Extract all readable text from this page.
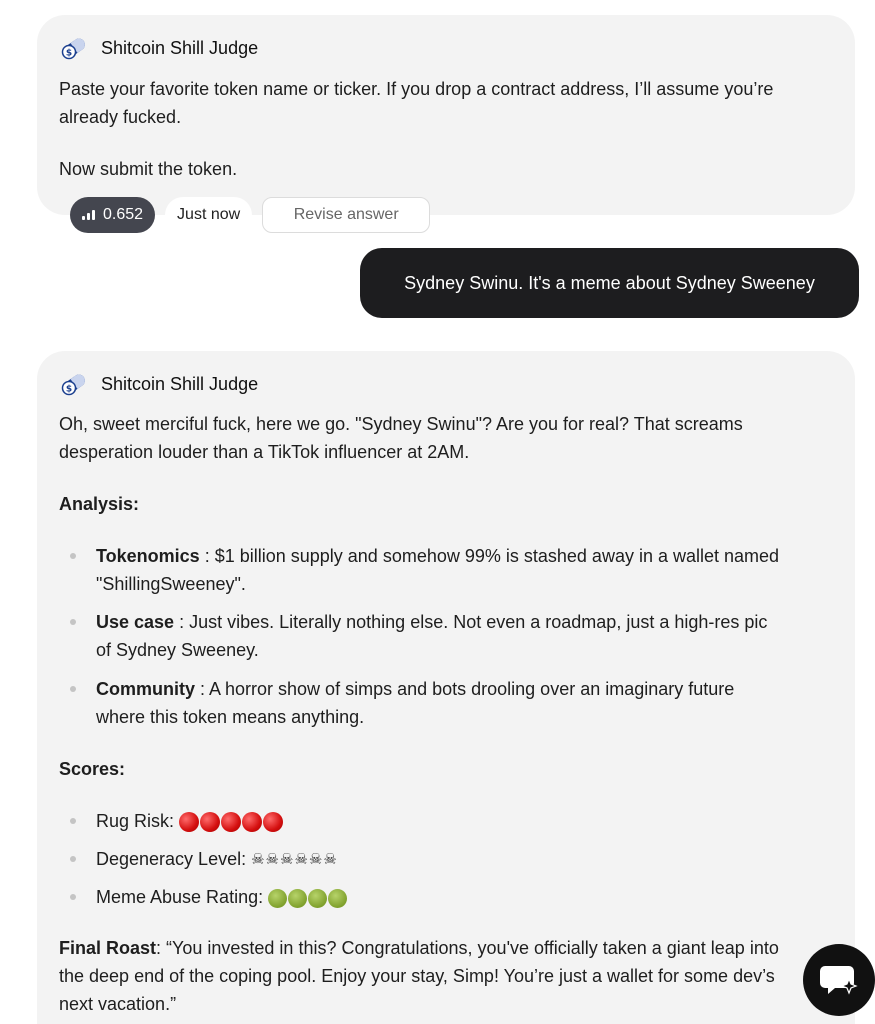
$ Shitcoin Shill Judge
Paste your favorite token name or ticker. If you drop a contract address, I’ll assume you’re
already fucked.
Now submit the token.
0.652	Just now	Revise answer
Sydney Swinu. It's a meme about Sydney Sweeney
$ Shitcoin Shill Judge
Oh, sweet merciful fuck, here we go. "Sydney Swinu"? Are you for real? That screams
desperation louder than a TikTok influencer at 2AM.
Analysis:
Tokenomics : $1 billion supply and somehow 99% is stashed away in a wallet named
"ShillingSweeney".
Use case : Just vibes. Literally nothing else. Not even a roadmap, just a high-res pic
of Sydney Sweeney.
Community : A horror show of simps and bots drooling over an imaginary future
where this token means anything.
Scores:
Rug Risk:
Degeneracy Level: ☠☠☠☠☠☠
Meme Abuse Rating:
Final Roast: “You invested in this? Congratulations, you've officially taken a giant leap into
the deep end of the coping pool. Enjoy your stay, Simp! You’re just a wallet for some dev’s
next vacation.”
